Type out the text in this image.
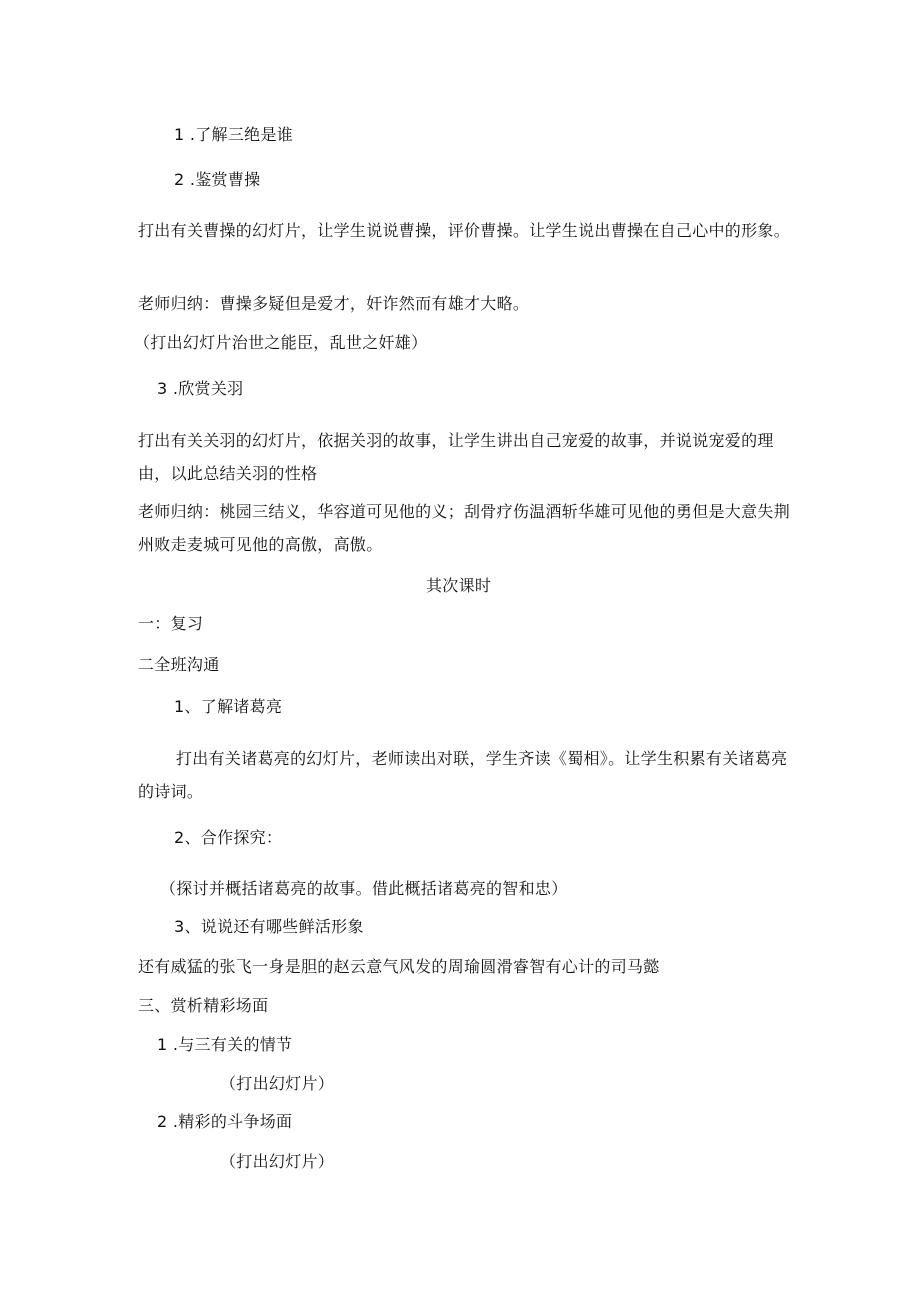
1 .了解三绝是谁
2 .鉴赏曹操
打出有关曹操的幻灯片，让学生说说曹操，评价曹操。让学生说出曹操在自己心中的形象。
老师归纳：曹操多疑但是爱才，奸诈然而有雄才大略。
（打出幻灯片治世之能臣，乱世之奸雄）
3 .欣赏关羽
打出有关关羽的幻灯片，依据关羽的故事，让学生讲出自己宠爱的故事，并说说宠爱的理由，以此总结关羽的性格
老师归纳：桃园三结义，华容道可见他的义；刮骨疗伤温酒斩华雄可见他的勇但是大意失荆州败走麦城可见他的高傲，高傲。
其次课时
一：复习
二全班沟通
1、了解诸葛亮
打出有关诸葛亮的幻灯片，老师读出对联，学生齐读《蜀相》。让学生积累有关诸葛亮的诗词。
2、合作探究：
（探讨并概括诸葛亮的故事。借此概括诸葛亮的智和忠）
3、说说还有哪些鲜活形象
还有威猛的张飞一身是胆的赵云意气风发的周瑜圆滑睿智有心计的司马懿
三、赏析精彩场面
1 .与三有关的情节
（打出幻灯片）
2 .精彩的斗争场面
（打出幻灯片）
